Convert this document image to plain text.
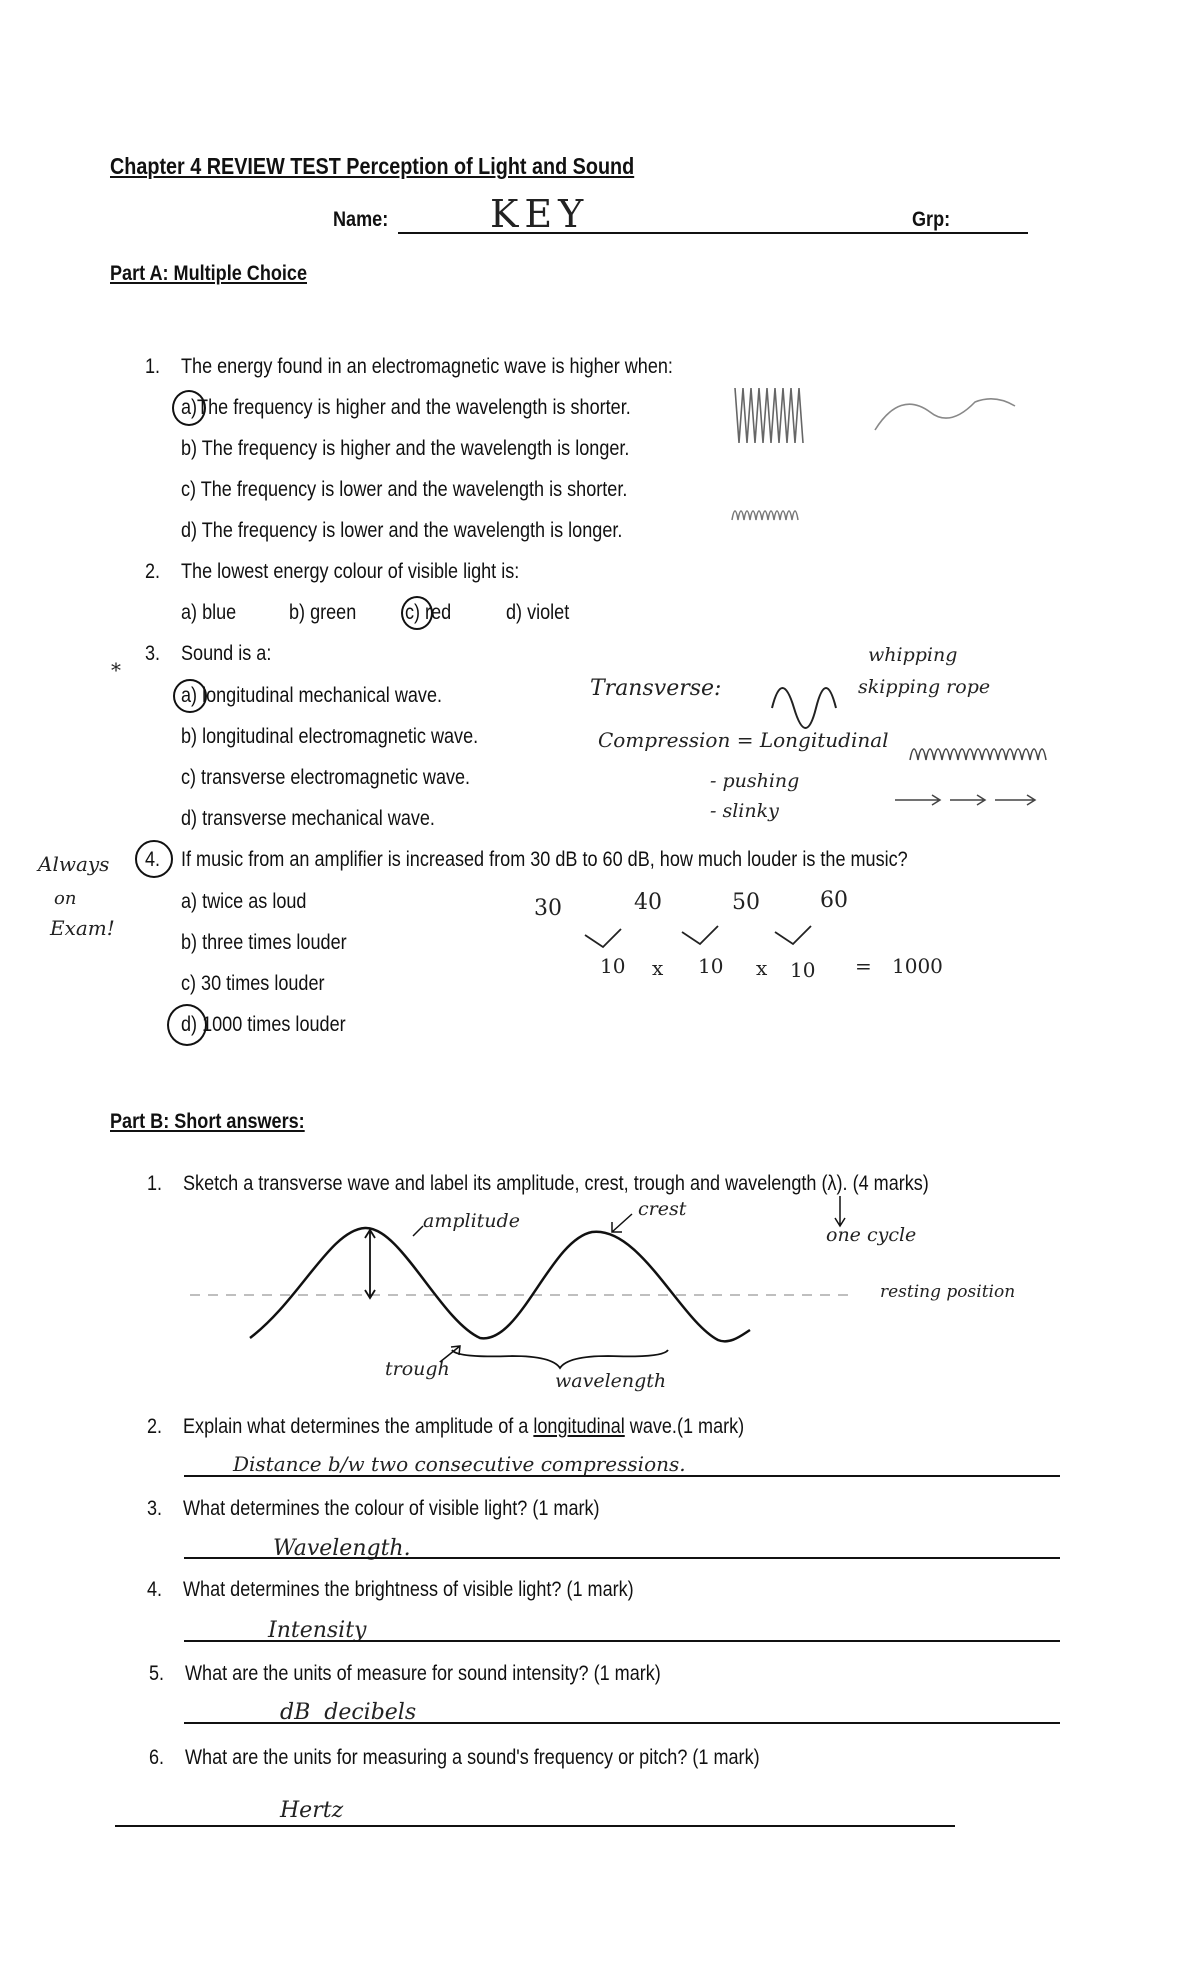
Chapter 4 REVIEW TEST Perception of Light and Sound
Name:	KEY	Grp:
Part A: Multiple Choice
1. The energy found in an electromagnetic wave is higher when:
a)The frequency is higher and the wavelength is shorter.
b) The frequency is higher and the wavelength is longer.
c) The frequency is lower and the wavelength is shorter.
d) The frequency is lower and the wavelength is longer.
2. The lowest energy colour of visible light is:
a) blue	b) green c) red	d) violet
*
3. Sound is a:
a) longitudinal mechanical wave.
b) longitudinal electromagnetic wave.
c) transverse electromagnetic wave.
d) transverse mechanical wave.
4. If music from an amplifier is increased from 30 dB to 60 dB, how much louder is the music?
a) twice as loud
b) three times louder
c) 30 times louder
d) 1000 times louder
Transverse:
whipping
skipping rope
Compression = Longitudinal
- pushing
- slinky
Always
on
Exam!
30	40	50	60
10 x 10 x 10 = 1000
Part B: Short answers:
1. Sketch a transverse wave and label its amplitude, crest, trough and wavelength (λ). (4 marks)
amplitude
crest
one cycle
resting position
trough
wavelength
2. Explain what determines the amplitude of a longitudinal wave.(1 mark)
Distance b/w two consecutive compressions.
3. What determines the colour of visible light? (1 mark)
Wavelength.
4. What determines the brightness of visible light? (1 mark)
Intensity
5. What are the units of measure for sound intensity? (1 mark)
dB  decibels
6. What are the units for measuring a sound's frequency or pitch? (1 mark)
Hertz
